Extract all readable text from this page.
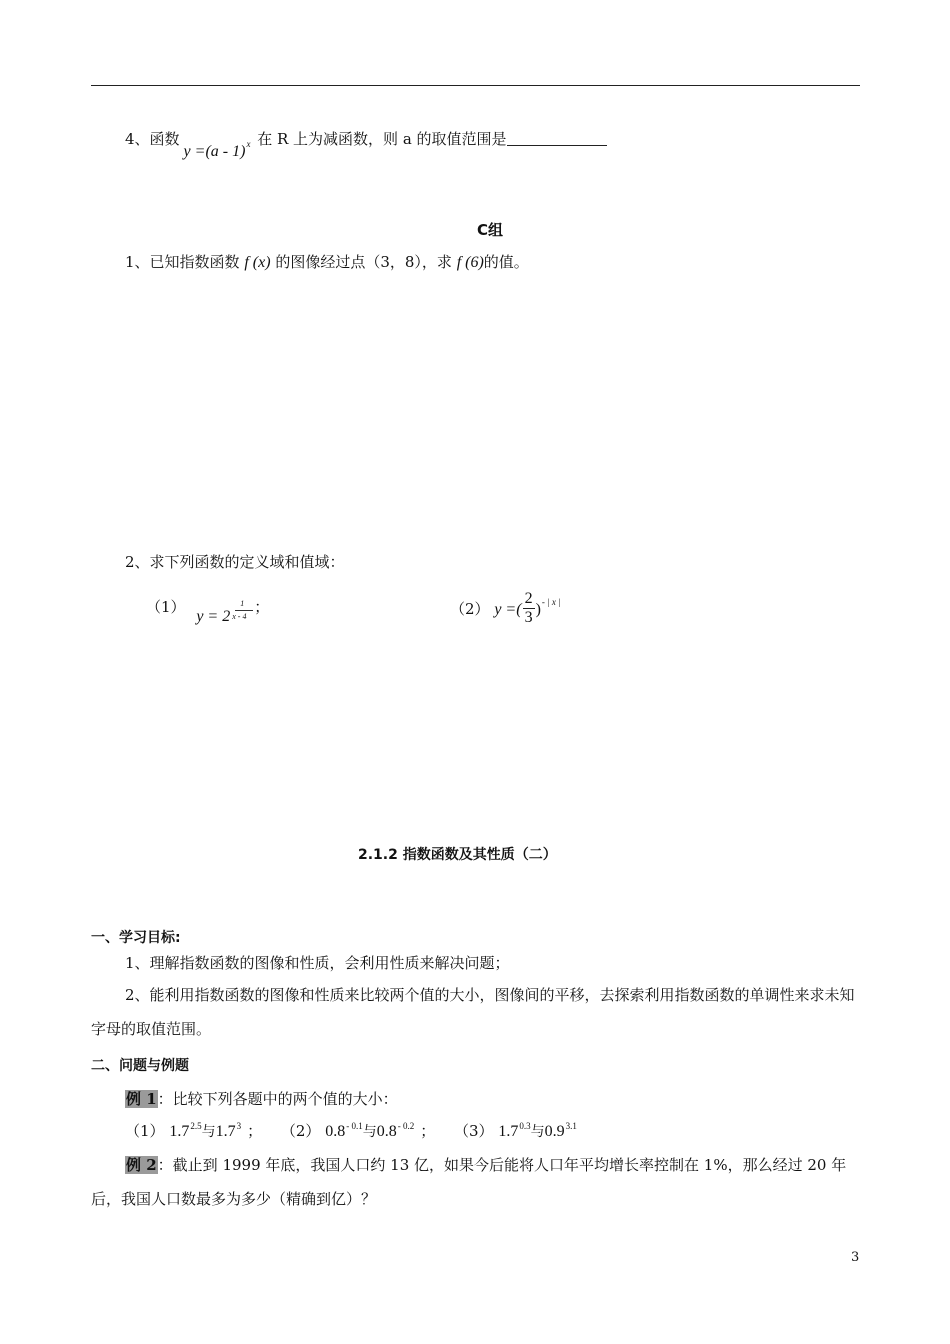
4、函数y =(a - 1)$^x$ 在 R 上为减函数，则 a 的取值范围是
C组
1、已知指数函数 f (x) 的图像经过点（3，8），求 f (6)的值。
2、求下列函数的定义域和值域：
（1） $y = 2 \frac{1}{x - 4}$
；	（2） y =( $\frac{2}{3} )^{- | x |}$
2.1.2 指数函数及其性质（二）
一、学习目标:
1、理解指数函数的图像和性质，会利用性质来解决问题；
2、能利用指数函数的图像和性质来比较两个值的大小，图像间的平移，去探索利用指数函数的单调性来求未知字母的取值范围。
二、问题与例题
例 1：比较下列各题中的两个值的大小：
（1） $1.7^{2.5}$与$1.7^3$ ； （2） $0.8^{- 0.1}$与$0.8^{- 0.2}$ ； （3） $1.7^{0.3}$与$0.9^{3.1}$
例 2：截止到 1999 年底，我国人口约 13 亿，如果今后能将人口年平均增长率控制在 1%，那么经过 20 年后，我国人口数最多为多少（精确到亿）？
3
